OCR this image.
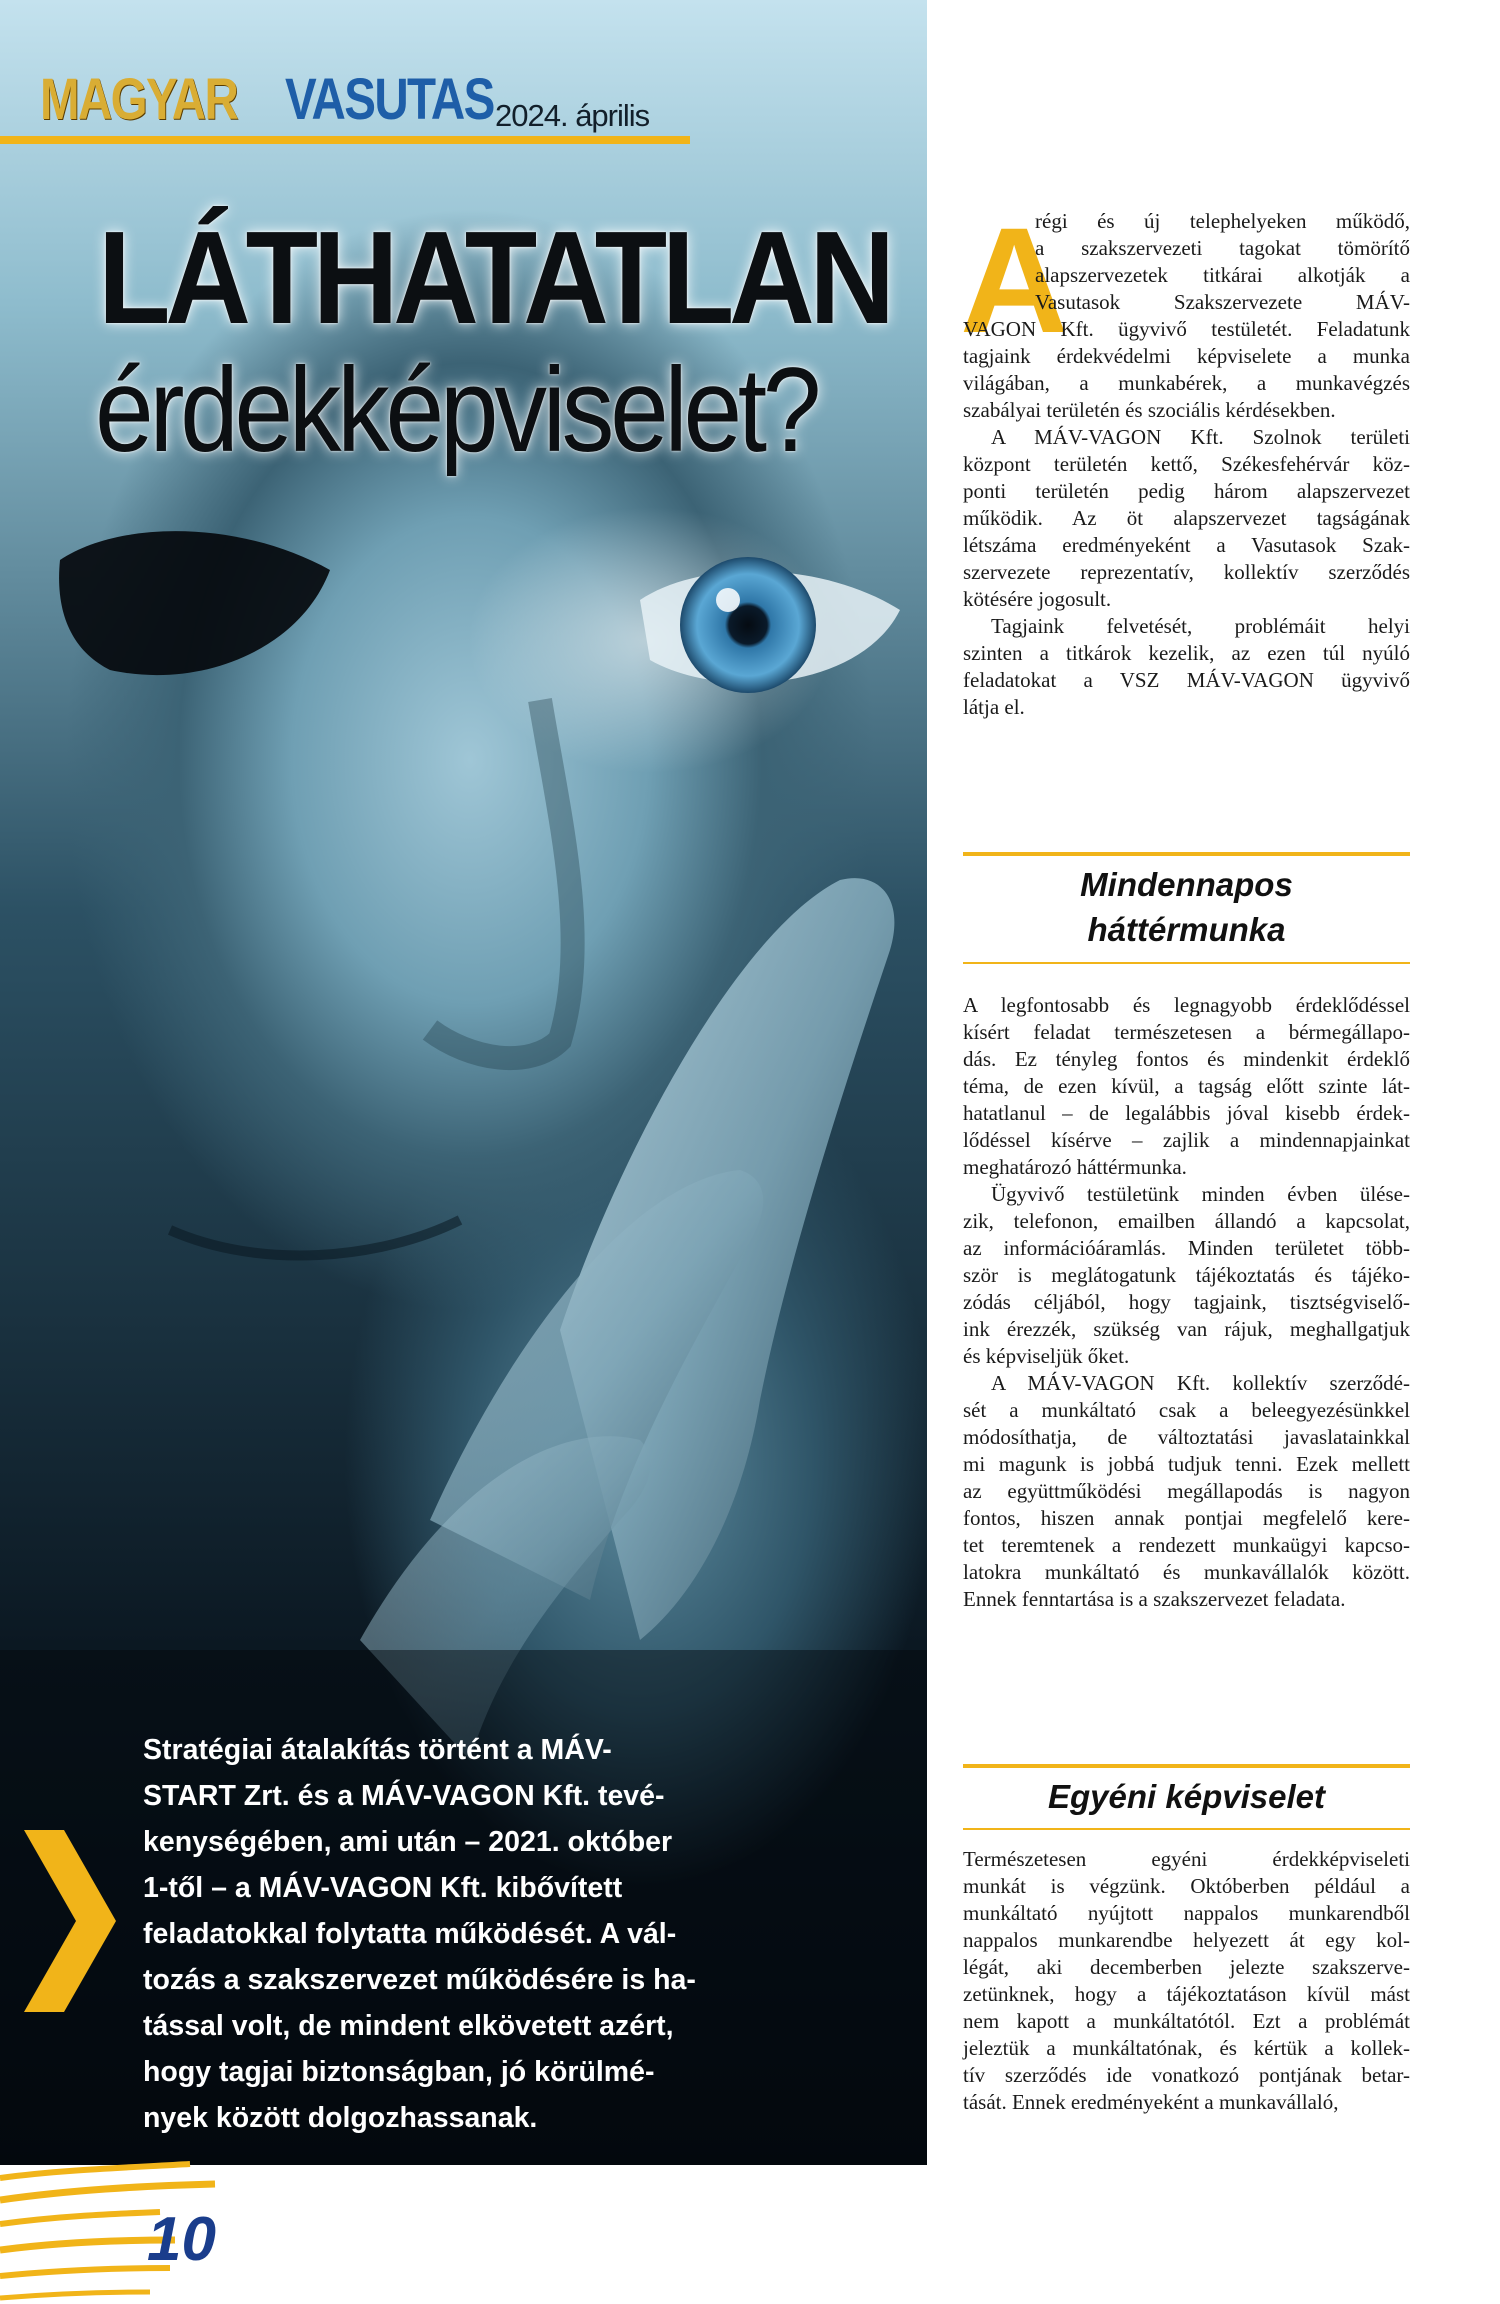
MAGYAR VASUTAS 2024. április
LÁTHATATLAN
érdekképviselet?
Stratégiai átalakítás történt a MÁV-
START Zrt. és a MÁV-VAGON Kft. tevé-
kenységében, ami után – 2021. október
1-től – a MÁV-VAGON Kft. kibővített
feladatokkal folytatta működését. A vál-
tozás a szakszervezet működésére is ha-
tással volt, de mindent elkövetett azért,
hogy tagjai biztonságban, jó körülmé-
nyek között dolgozhassanak.
10
A
régi és új telephelyeken működő,
a szakszervezeti tagokat tömörítő
alapszervezetek titkárai alkotják a
Vasutasok Szakszervezete MÁV-

VAGON Kft. ügyvivő testületét. Feladatunk
tagjaink érdekvédelmi képviselete a munka
világában, a munkabérek, a munkavégzés
szabályai területén és szociális kérdésekben.

A MÁV-VAGON Kft. Szolnok területi
központ területén kettő, Székesfehérvár köz-
ponti területén pedig három alapszervezet
működik. Az öt alapszervezet tagságának
létszáma eredményeként a Vasutasok Szak-
szervezete reprezentatív, kollektív szerződés
kötésére jogosult.

Tagjaink felvetését, problémáit helyi
szinten a titkárok kezelik, az ezen túl nyúló
feladatokat a VSZ MÁV-VAGON ügyvivő
látja el.

Mindennapos
háttérmunka

A legfontosabb és legnagyobb érdeklődéssel
kísért feladat természetesen a bérmegállapo-
dás. Ez tényleg fontos és mindenkit érdeklő
téma, de ezen kívül, a tagság előtt szinte lát-
hatatlanul – de legalábbis jóval kisebb érdek-
lődéssel kísérve – zajlik a mindennapjainkat
meghatározó háttérmunka.

Ügyvivő testületünk minden évben ülése-
zik, telefonon, emailben állandó a kapcsolat,
az információáramlás. Minden területet több-
ször is meglátogatunk tájékoztatás és tájéko-
zódás céljából, hogy tagjaink, tisztségviselő-
ink érezzék, szükség van rájuk, meghallgatjuk
és képviseljük őket.

A MÁV-VAGON Kft. kollektív szerződé-
sét a munkáltató csak a beleegyezésünkkel
módosíthatja, de változtatási javaslatainkkal
mi magunk is jobbá tudjuk tenni. Ezek mellett
az együttműködési megállapodás is nagyon
fontos, hiszen annak pontjai megfelelő kere-
tet teremtenek a rendezett munkaügyi kapcso-
latokra munkáltató és munkavállalók között.
Ennek fenntartása is a szakszervezet feladata.

Egyéni képviselet

Természetesen egyéni érdekképviseleti
munkát is végzünk. Októberben például a
munkáltató nyújtott nappalos munkarendből
nappalos munkarendbe helyezett át egy kol-
légát, aki decemberben jelezte szakszerve-
zetünknek, hogy a tájékoztatáson kívül mást
nem kapott a munkáltatótól. Ezt a problémát
jeleztük a munkáltatónak, és kértük a kollek-
tív szerződés ide vonatkozó pontjának betar-
tását. Ennek eredményeként a munkavállaló,
